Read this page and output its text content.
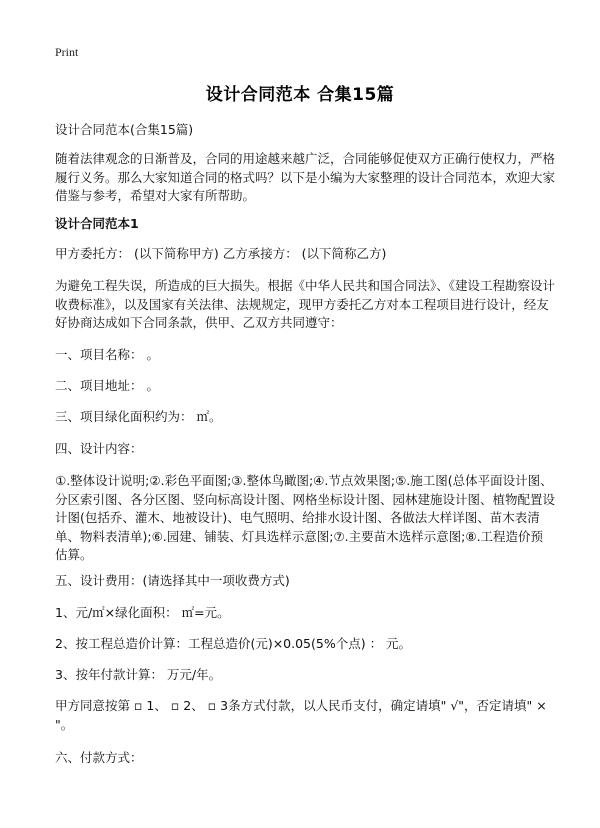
Print
设计合同范本 合集15篇
设计合同范本(合集15篇)
随着法律观念的日渐普及，合同的用途越来越广泛，合同能够促使双方正确行使权力，严格履行义务。那么大家知道合同的格式吗？以下是小编为大家整理的设计合同范本，欢迎大家借鉴与参考，希望对大家有所帮助。
设计合同范本1
甲方委托方： (以下简称甲方) 乙方承接方： (以下简称乙方)
为避免工程失误，所造成的巨大损失。根据《中华人民共和国合同法》、《建设工程勘察设计收费标准》，以及国家有关法律、法规规定，现甲方委托乙方对本工程项目进行设计，经友好协商达成如下合同条款，供甲、乙双方共同遵守：
一、项目名称： 。
二、项目地址： 。
三、项目绿化面积约为： ㎡。
四、设计内容：
①.整体设计说明;②.彩色平面图;③.整体鸟瞰图;④.节点效果图;⑤.施工图(总体平面设计图、分区索引图、各分区图、竖向标高设计图、网格坐标设计图、园林建施设计图、植物配置设计图(包括乔、灌木、地被设计)、电气照明、给排水设计图、各做法大样详图、苗木表清单、物料表清单);⑥.园建、铺装、灯具选样示意图;⑦.主要苗木选样示意图;⑧.工程造价预估算。
五、设计费用：(请选择其中一项收费方式)
1、元/㎡×绿化面积： ㎡=元。
2、按工程总造价计算：工程总造价(元)×0.05(5%个点) ： 元。
3、按年付款计算： 万元/年。
甲方同意按第 ▫ 1、 ▫ 2、 ▫ 3条方式付款，以人民币支付，确定请填" √"，否定请填" × "。
六、付款方式：
